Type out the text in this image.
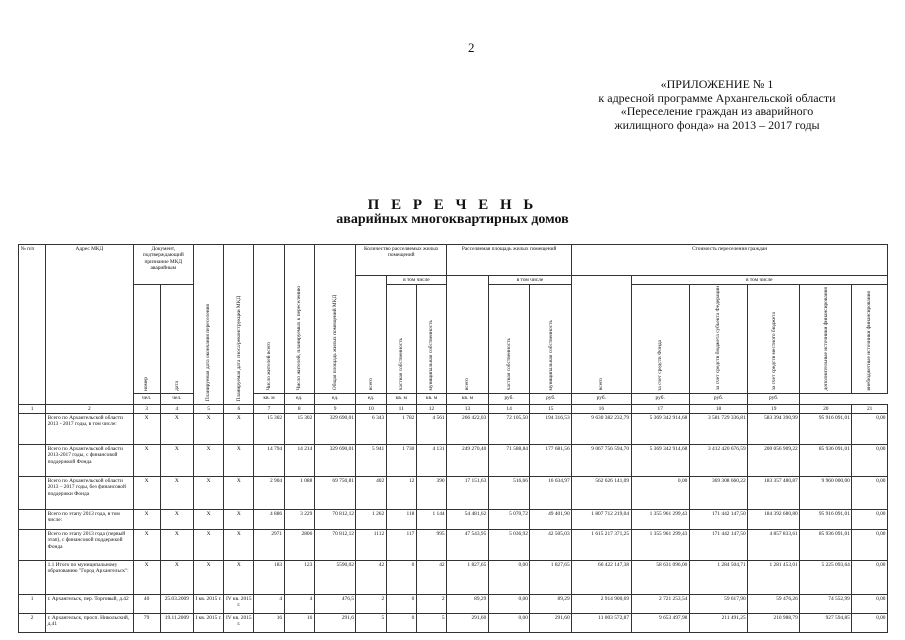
2
«ПРИЛОЖЕНИЕ № 1
к адресной программе Архангельской области
«Переселение граждан из аварийного
жилищного фонда» на 2013 – 2017 годы
П Е Р Е Ч Е Н Ь
аварийных многоквартирных домов
№ п/п	Адрес МКД	Документ, подтверждающий признание МКД аварийным		Планируемая дата окончания переселения	Планируемая дата сноса/реконструкции МКД	Число жителей всего	Число жителей, планируемых к переселению	Общая площадь жилых помещений МКД	Количество расселяемых жилых помещений			Расселяемая площадь жилых помещений			Стоимость переселения граждан					

									всего	в том числе		всего	в том числе		всего	в том числе				

		номер	дата							частная собственность	муниципальная собственность		частная собственность	муниципальная собственность		за счет средств Фонда	за счет средств бюджета субъекта Федерации	за счет средств местного бюджета	дополнительные источники финансирования	внебюджетные источники финансирования

		чел.	чел.			кв. м	ед.	ед.	ед.	кв. м	кв. м	кв. м	руб.	руб.	руб.	руб.	руб.	руб.		
1	2	3	4	5	6	7	8	9	10	11	12	13	14	15	16	17	18	19	20	21
	Всего по Архангельской области 2013 - 2017 годы, в том числе:	X	X	X	X	15 302	15 302	329 690,01	6 343	1 782	4 561	266 422,03	72 105,50	194 316,53	9 630 382 232,79	5 369 342 914,68	3 581 729 336,81	583 394 390,99	95 916 091,01	0,00
	Всего по Архангельской области 2013-2017 годы, с финансовой поддержкой Фонда	X	X	X	X	14 794	14 214	329 690,01	5 941	1 730	4 131	249 270,40	71 588,84	177 681,56	9 067 756 594,70	5 369 342 914,68	3 412 420 676,59	200 056 909,22	85 936 091,01	0,00
	Всего по Архангельской области 2013 – 2017 годы, без финансовой поддержки Фонда	X	X	X	X	2 904	1 088	69 750,81	402	12	390	17 151,63	516,66	16 634,97	562 626 141,09	0,00	369 308 660,22	183 357 480,87	9 960 000,00	0,00
	Всего по этапу 2013 года, в том числе:	X	X	X	X	4 886	3 229	70 812,12	1 262	118	1 144	54 481,62	5 070,72	49 401,90	1 807 712 219,04	1 355 961 299,43	171 442 147,50	184 392 680,80	95 916 091,01	0,00
	Всего по этапу 2013 года (первый этап), с финансовой поддержкой Фонда	X	X	X	X	2971	2806	70 812,12	1112	117	995	47 543,95	5 036,92	42 505,03	1 615 217 371,25	1 355 961 299,43	171 442 147,50	4 857 833,61	85 936 091,01	0,00
	1.1 Итого по муниципальному образованию "Город Архангельск":	X	X	X	X	183	123	5590,02	42	0	42	1 827,65	0,00	1 827,65	66 422 147,38	58 631 096,00	1 284 504,71	1 281 453,01	5 225 093,64	0,00
1	г. Архангельск, пер. Торговый, д.42	40	25.03.2009	I кв. 2015 г.	IV кв. 2015 г.	4	4	476,5	2	0	2	89,29	0,00	89,29	2 914 900,69	2 721 253,54	59 617,90	59 476,26	74 552,99	0,00
2	г. Архангельск, просп. Никольский, д.41	79	19.11.2009	I кв. 2015 г.	IV кв. 2015 г.	16	16	291,6	5	0	5	291,60	0,00	291,60	11 003 572,87	9 653 497,98	211 491,25	210 988,79	927 594,85	0,00
